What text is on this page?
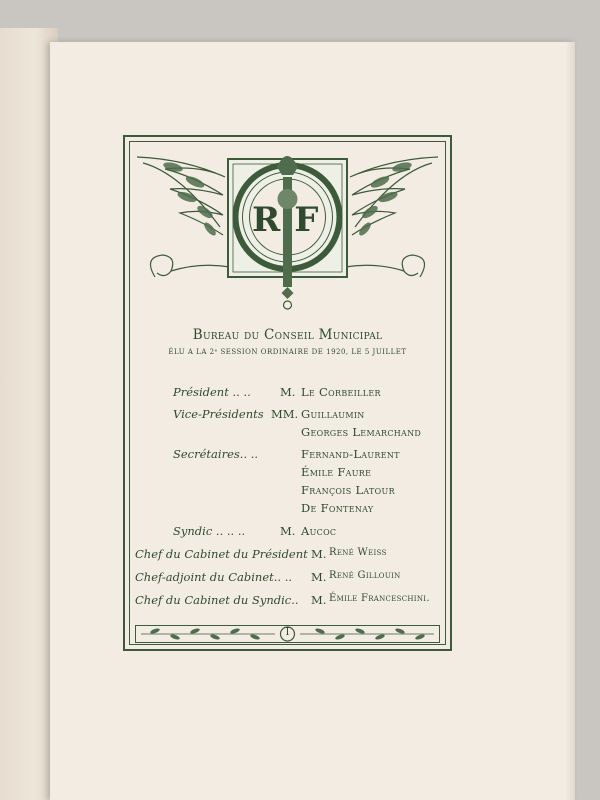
RF
Bureau du Conseil Municipal
ÉLU A LA 2ᵉ SESSION ORDINAIRE DE 1920, LE 5 JUILLET
Président .. ..	M. Le Corbeiller
Vice-Présidents MM. Guillaumin
Georges Lemarchand
Secrétaires.. ..	Fernand-Laurent
Émile Faure
François Latour
De Fontenay
Syndic .. .. ..	M. Aucoc
Chef du Cabinet du Président M. René Weiss
Chef-adjoint du Cabinet.. .. M. René Gillouin
Chef du Cabinet du Syndic.. M. Émile Franceschini.
I
